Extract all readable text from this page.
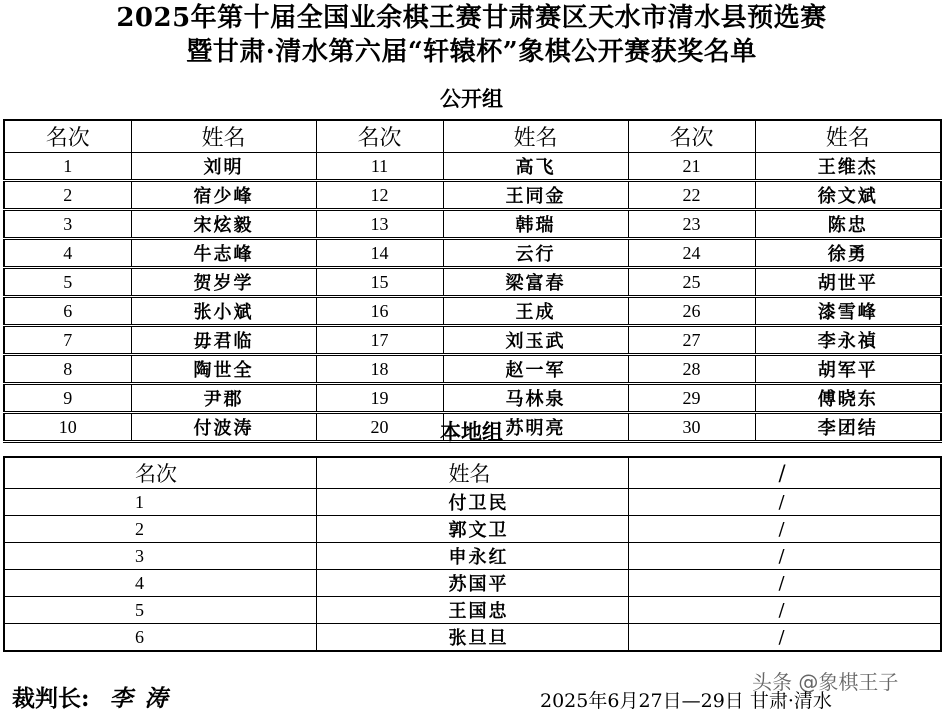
2025年第十届全国业余棋王赛甘肃赛区天水市清水县预选赛
暨甘肃·清水第六届“轩辕杯”象棋公开赛获奖名单
公开组
名次	姓名	名次	姓名	名次	姓名
1	刘明	11	高飞	21	王维杰
2	宿少峰	12	王同金	22	徐文斌
3	宋炫毅	13	韩瑞	23	陈忠
4	牛志峰	14	云行	24	徐勇
5	贺岁学	15	梁富春	25	胡世平
6	张小斌	16	王成	26	漆雪峰
7	毋君临	17	刘玉武	27	李永禎
8	陶世全	18	赵一军	28	胡军平
9	尹郡	19	马林泉	29	傅晓东
10	付波涛	20	苏明亮	30	李团结
本地组
名次	姓名	/
1	付卫民	/
2	郭文卫	/
3	申永红	/
4	苏国平	/
5	王国忠	/
6	张旦旦	/
裁判长: 李涛
头条 @象棋王子
2025年6月27日—29日 甘肃·清水
